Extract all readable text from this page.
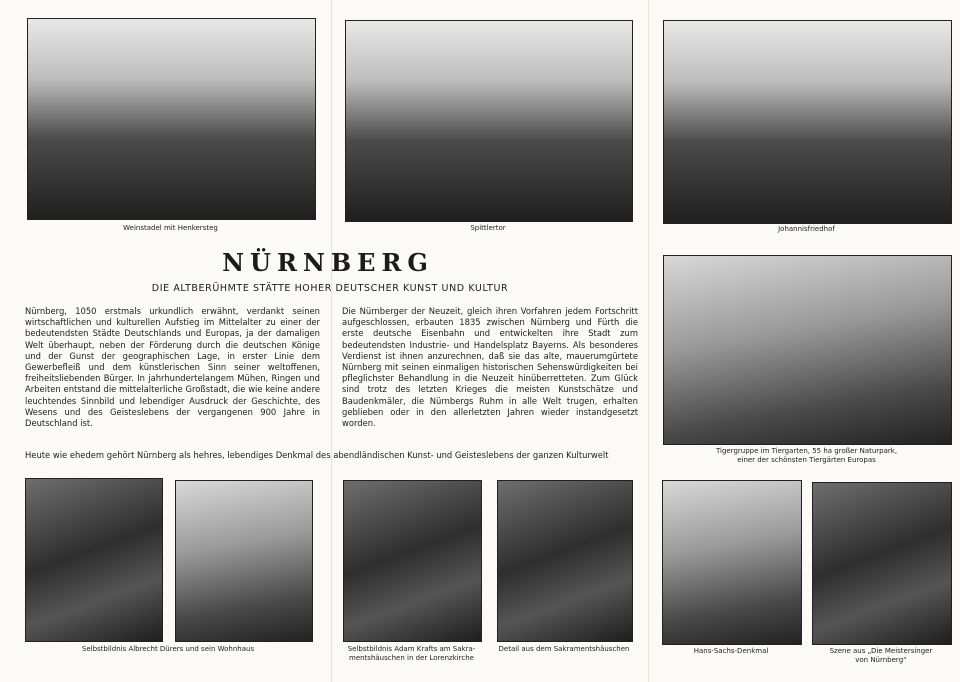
Weinstadel mit Henkersteg	Spittlertor	Johannisfriedhof
NÜRNBERG
DIE ALTBERÜHMTE STÄTTE HOHER DEUTSCHER KUNST UND KULTUR
Nürnberg, 1050 erstmals urkundlich erwähnt, verdankt seinen wirtschaftlichen und kulturellen Aufstieg im Mittelalter zu einer der bedeutendsten Städte Deutschlands und Europas, ja der damaligen Welt überhaupt, neben der Förderung durch die deutschen Könige und der Gunst der geographischen Lage, in erster Linie dem Gewerbefleiß und dem künstlerischen Sinn seiner weltoffenen, freiheitsliebenden Bürger. In jahrhundertelangem Mühen, Ringen und Arbeiten entstand die mittelalterliche Großstadt, die wie keine andere leuchtendes Sinnbild und lebendiger Ausdruck der Geschichte, des Wesens und des Geisteslebens der vergangenen 900 Jahre in Deutschland ist.
Die Nürnberger der Neuzeit, gleich ihren Vorfahren jedem Fortschritt aufgeschlossen, erbauten 1835 zwischen Nürnberg und Fürth die erste deutsche Eisenbahn und entwickelten ihre Stadt zum bedeutendsten Industrie- und Handelsplatz Bayerns. Als besonderes Verdienst ist ihnen anzurechnen, daß sie das alte, mauerumgürtete Nürnberg mit seinen einmaligen historischen Sehenswürdigkeiten bei pfleglichster Behandlung in die Neuzeit hinüberretteten. Zum Glück sind trotz des letzten Krieges die meisten Kunstschätze und Baudenkmäler, die Nürnbergs Ruhm in alle Welt trugen, erhalten geblieben oder in den allerletzten Jahren wieder instandgesetzt worden.
Heute wie ehedem gehört Nürnberg als hehres, lebendiges Denkmal des abendländischen Kunst- und Geisteslebens der ganzen Kulturwelt	Tigergruppe im Tiergarten, 55 ha großer Naturpark,
einer der schönsten Tiergärten Europas
Selbstbildnis Albrecht Dürers und sein Wohnhaus	Selbstbildnis Adam Krafts am Sakra-
mentshäuschen in der Lorenzkirche
Detail aus dem Sakramentshäuschen	Hans-Sachs-Denkmal	Szene aus „Die Meistersinger
von Nürnberg“
